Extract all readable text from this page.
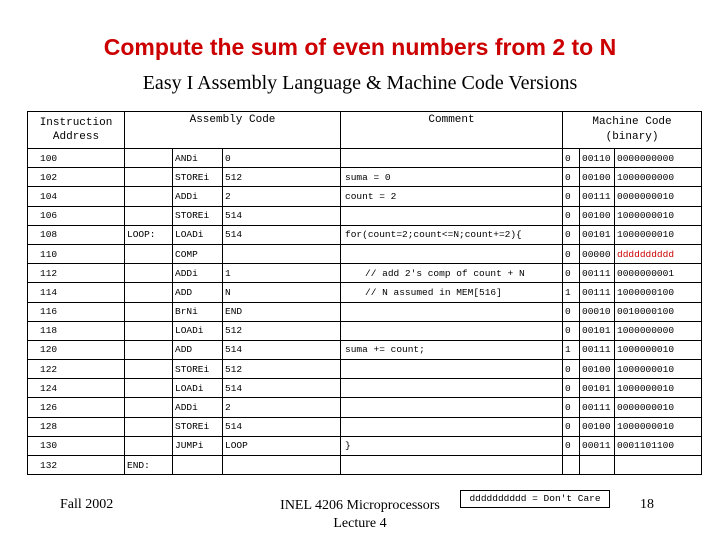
Compute the sum of even numbers from 2 to N
Easy I Assembly Language & Machine Code Versions
Instruction
Address	Assembly Code			Comment	Machine Code
(binary)		

100		ANDi	0		0	00110	0000000000
102		STOREi	512	suma = 0	0	00100	1000000000
104		ADDi	2	count = 2	0	00111	0000000010
106		STOREi	514		0	00100	1000000010
108	LOOP:	LOADi	514	for(count=2;count<=N;count+=2){	0	00101	1000000010
110		COMP			0	00000	dddddddddd
112		ADDi	1	// add 2's comp of count + N	0	00111	0000000001
114		ADD	N	// N assumed in MEM[516]	1	00111	1000000100
116		BrNi	END		0	00010	0010000100
118		LOADi	512		0	00101	1000000000
120		ADD	514	suma += count;	1	00111	1000000010
122		STOREi	512		0	00100	1000000010
124		LOADi	514		0	00101	1000000010
126		ADDi	2		0	00111	0000000010
128		STOREi	514		0	00100	1000000010
130		JUMPi	LOOP	}	0	00011	0001101100
132	END:						
Fall 2002	INEL 4206 Microprocessors
Lecture 4
dddddddddd = Don't Care	18
